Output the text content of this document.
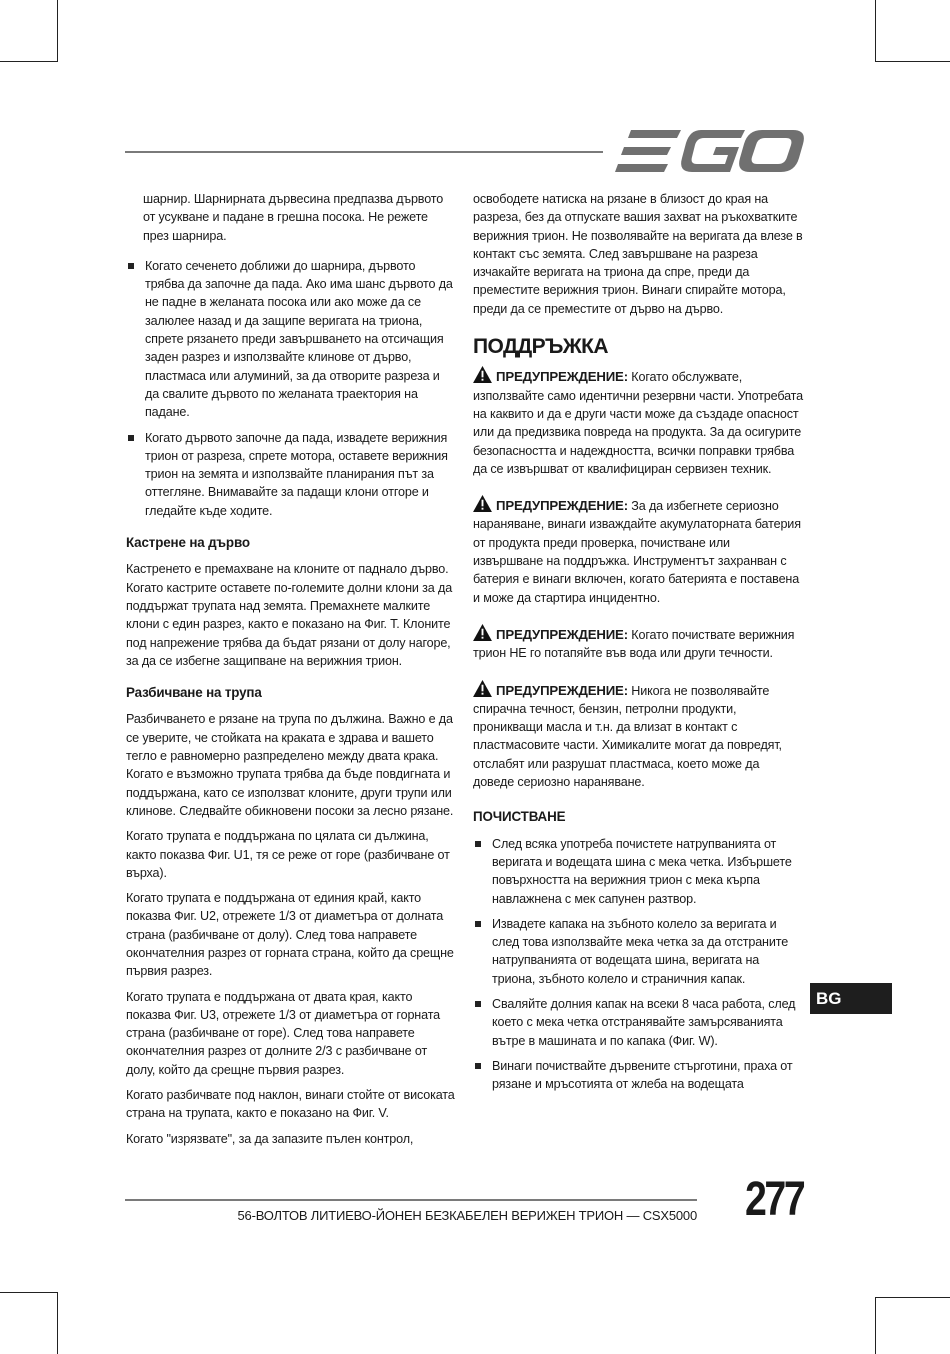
шарнир. Шарнирната дървесина предпазва дървото от усукване и падане в грешна посока. Не режете през шарнира.

Когато сеченето доближи до шарнира, дървото трябва да започне да пада. Ако има шанс дървото да не падне в желаната посока или ако може да се залюлее назад и да защипе веригата на триона, спрете рязането преди завършването на отсичащия заден разрез и използвайте клинове от дърво, пластмаса или алуминий, за да отворите разреза и да свалите дървото по желаната траектория на падане.
Когато дървото започне да пада, извадете верижния трион от разреза, спрете мотора, оставете верижния трион на земята и използвайте планирания път за оттегляне. Внимавайте за падащи клони отгоре и гледайте къде ходите.

Кастрене на дърво

Кастренето е премахване на клоните от паднало дърво. Когато кастрите оставете по-големите долни клони за да поддържат трупата над земята. Премахнете малките клони с един разрез, както е показано на Фиг. T. Клоните под напрежение трябва да бъдат рязани от долу нагоре, за да се избегне защипване на верижния трион.

Разбичване на трупа

Разбичването е рязане на трупа по дължина. Важно е да се уверите, че стойката на краката е здрава и вашето тегло е равномерно разпределено между двата крака. Когато е възможно трупата трябва да бъде повдигната и поддържана, като се използват клоните, други трупи или клинове. Следвайте обикновени посоки за лесно рязане.

Когато трупата е поддържана по цялата си дължина, както показва Фиг. U1, тя се реже от горе (разбичване от върха).

Когато трупата е поддържана от единия край, както показва Фиг. U2, отрежете 1/3 от диаметъра от долната страна (разбичване от долу). След това направете окончателния разрез от горната страна, който да срещне първия разрез.

Когато трупата е поддържана от двата края, както показва Фиг. U3, отрежете 1/3 от диаметъра от горната страна (разбичване от горе). След това направете окончателния разрез от долните 2/3 с разбичване от долу, който да срещне първия разрез.

Когато разбичвате под наклон, винаги стойте от високата страна на трупата, както е показано на Фиг. V.

Когато "изрязвате", за да запазите пълен контрол,

освободете натиска на рязане в близост до края на разреза, без да отпускате вашия захват на ръкохватките верижния трион. Не позволявайте на веригата да влезе в контакт със земята. След завършване на разреза изчакайте веригата на триона да спре, преди да преместите верижния трион. Винаги спирайте мотора, преди да се преместите от дърво на дърво.

ПОДДРЪЖКА

ПРЕДУПРЕЖДЕНИЕ: Когато обслужвате, използвайте само идентични резервни части. Употребата на каквито и да е други части може да създаде опасност или да предизвика повреда на продукта. За да осигурите безопасността и надеждността, всички поправки трябва да се извършват от квалифициран сервизен техник.

ПРЕДУПРЕЖДЕНИЕ: За да избегнете сериозно нараняване, винаги изваждайте акумулаторната батерия от продукта преди проверка, почистване или извършване на поддръжка. Инструментът захранван с батерия е винаги включен, когато батерията е поставена и може да стартира инцидентно.

ПРЕДУПРЕЖДЕНИЕ: Когато почиствате верижния трион НЕ го потапяйте във вода или други течности.

ПРЕДУПРЕЖДЕНИЕ: Никога не позволявайте спирачна течност, бензин, петролни продукти, проникващи масла и т.н. да влизат в контакт с пластмасовите части. Химикалите могат да повредят, отслабят или разрушат пластмаса, което може да доведе сериозно нараняване.

ПОЧИСТВАНЕ

След всяка употреба почистете натрупванията от веригата и водещата шина с мека четка. Избършете повърхността на верижния трион с мека кърпа навлажнена с мек сапунен разтвор.
Извадете капака на зъбното колело за веригата и след това използвайте мека четка за да отстраните натрупванията от водещата шина, веригата на триона, зъбното колело и страничния капак.
Сваляйте долния капак на всеки 8 часа работа, след което с мека четка отстранявайте замърсяванията вътре в машината и по капака (Фиг. W).
Винаги почиствайте дървените стърготини, праха от рязане и мръсотията от жлеба на водещата
BG
56-ВОЛТОВ ЛИТИЕВО-ЙОНЕН БЕЗКАБЕЛЕН ВЕРИЖЕН ТРИОН — CSX5000 277
